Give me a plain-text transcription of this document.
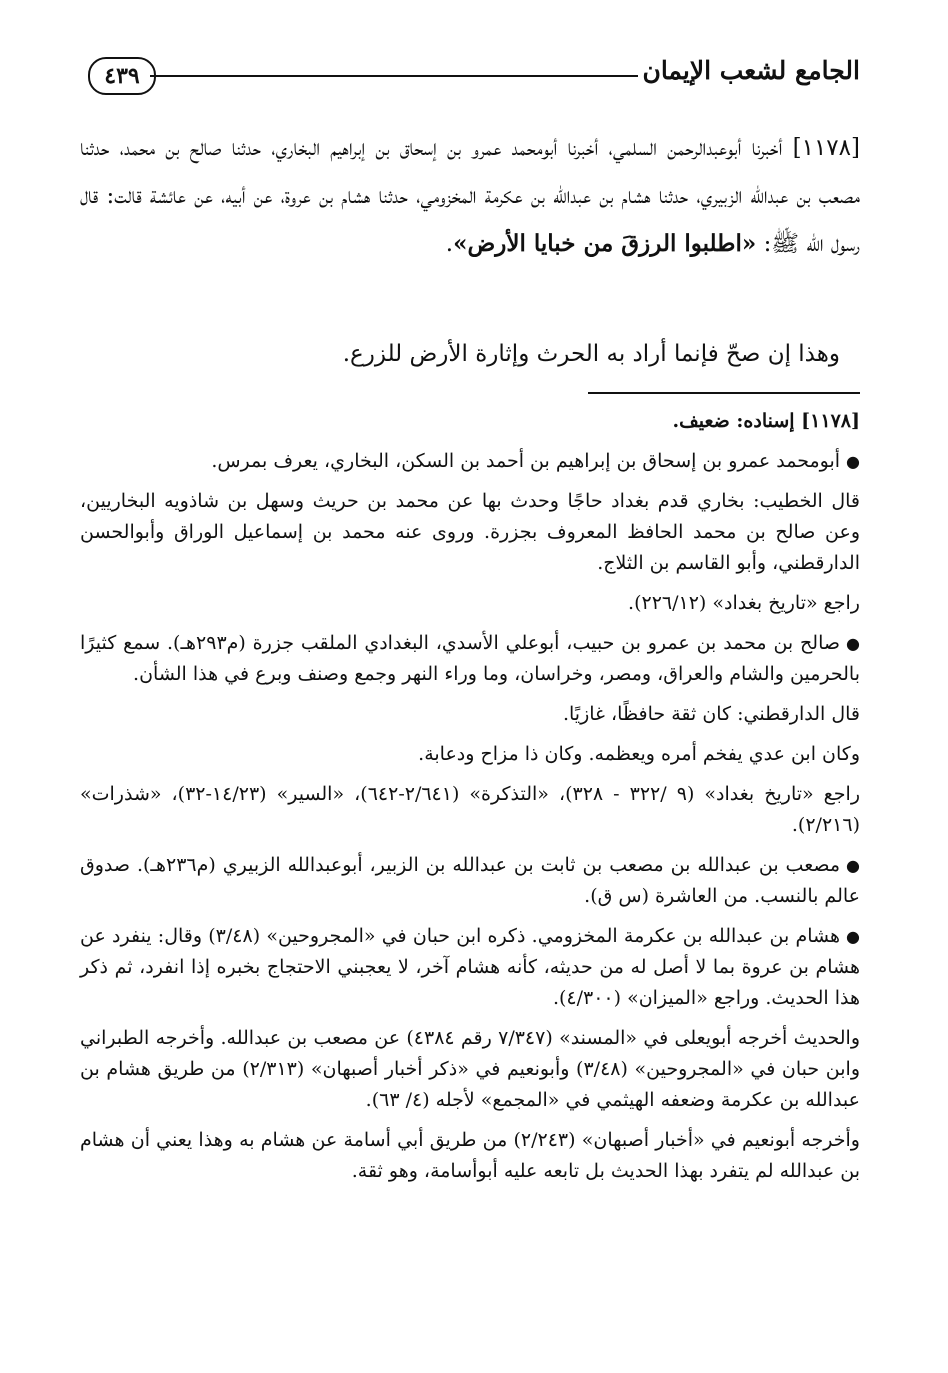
الجامع لشعب الإيمان
٤٣٩

[١١٧٨] أخبرنا أبوعبدالرحمن السلمي، أخبرنا أبومحمد عمرو بن إسحاق بن إبراهيم البخاري، حدثنا صالح بن محمد، حدثنا مصعب بن عبدالله الزبيري، حدثنا هشام بن عبدالله بن عكرمة المخزومي، حدثنا هشام بن عروة، عن أبيه، عن عائشة قالت: قال رسول الله ﷺ: «اطلبوا الرزقَ من خبايا الأرض».

وهذا إن صحّ فإنما أراد به الحرث وإثارة الأرض للزرع.

[١١٧٨] إسناده: ضعيف.

●أبومحمد عمرو بن إسحاق بن إبراهيم بن أحمد بن السكن، البخاري، يعرف بمرس.

قال الخطيب: بخاري قدم بغداد حاجًا وحدث بها عن محمد بن حريث وسهل بن شاذويه البخاريين، وعن صالح بن محمد الحافظ المعروف بجزرة. وروى عنه محمد بن إسماعيل الوراق وأبوالحسن الدارقطني، وأبو القاسم بن الثلاج.

راجع «تاريخ بغداد» (٢٢٦/١٢).

●صالح بن محمد بن عمرو بن حبيب، أبوعلي الأسدي، البغدادي الملقب جزرة (م٢٩٣هـ). سمع كثيرًا بالحرمين والشام والعراق، ومصر، وخراسان، وما وراء النهر وجمع وصنف وبرع في هذا الشأن.

قال الدارقطني: كان ثقة حافظًا، غازيًا.

وكان ابن عدي يفخم أمره ويعظمه. وكان ذا مزاح ودعابة.

راجع «تاريخ بغداد» (٩ /٣٢٢ - ٣٢٨)، «التذكرة» (٢/٦٤١-٦٤٢)، «السير» (١٤/٢٣-٣٢)، «شذرات» (٢/٢١٦).

●مصعب بن عبدالله بن مصعب بن ثابت بن عبدالله بن الزبير، أبوعبدالله الزبيري (م٢٣٦هـ). صدوق عالم بالنسب. من العاشرة (س ق).

●هشام بن عبدالله بن عكرمة المخزومي. ذكره ابن حبان في «المجروحين» (٣/٤٨) وقال: ينفرد عن هشام بن عروة بما لا أصل له من حديثه، كأنه هشام آخر، لا يعجبني الاحتجاج بخبره إذا انفرد، ثم ذكر هذا الحديث. وراجع «الميزان» (٤/٣٠٠).

والحديث أخرجه أبويعلى في «المسند» (٧/٣٤٧ رقم ٤٣٨٤) عن مصعب بن عبدالله. وأخرجه الطبراني وابن حبان في «المجروحين» (٣/٤٨) وأبونعيم في «ذكر أخبار أصبهان» (٢/٣١٣) من طريق هشام بن عبدالله بن عكرمة وضعفه الهيثمي في «المجمع» لأجله (٤/ ٦٣).

وأخرجه أبونعيم في «أخبار أصبهان» (٢/٢٤٣) من طريق أبي أسامة عن هشام به وهذا يعني أن هشام بن عبدالله لم يتفرد بهذا الحديث بل تابعه عليه أبوأسامة، وهو ثقة.
